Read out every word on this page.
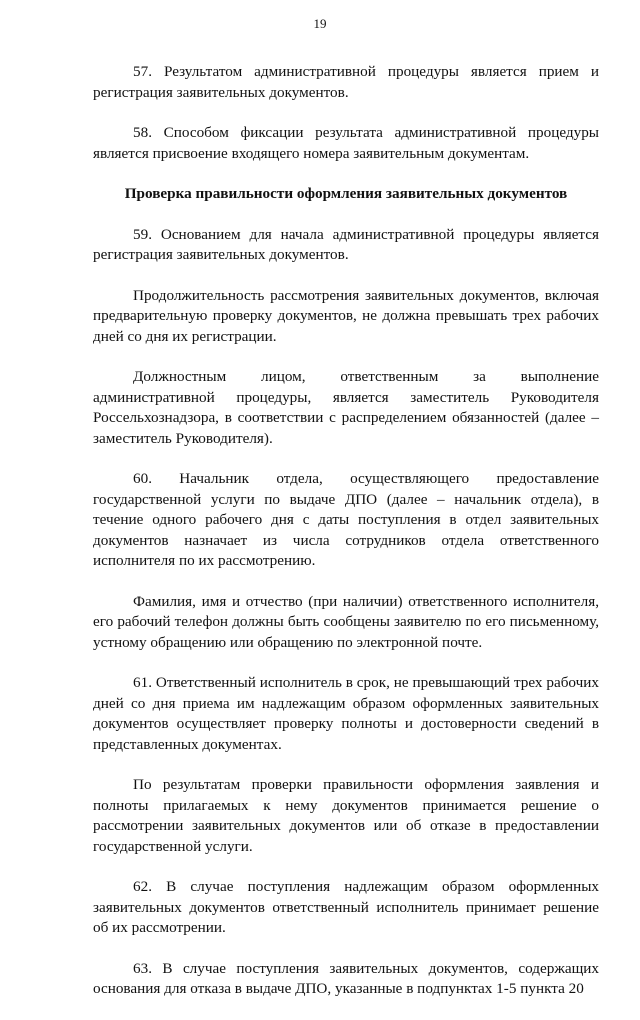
19

57. Результатом административной процедуры является прием и регистрация заявительных документов.

58. Способом фиксации результата административной процедуры является присвоение входящего номера заявительным документам.

Проверка правильности оформления заявительных документов

59. Основанием для начала административной процедуры является регистрация заявительных документов.

Продолжительность рассмотрения заявительных документов, включая предварительную проверку документов, не должна превышать трех рабочих дней со дня их регистрации.

Должностным лицом, ответственным за выполнение административной процедуры, является заместитель Руководителя Россельхознадзора, в соответствии с распределением обязанностей (далее – заместитель Руководителя).

60. Начальник отдела, осуществляющего предоставление государственной услуги по выдаче ДПО (далее – начальник отдела), в течение одного рабочего дня с даты поступления в отдел заявительных документов назначает из числа сотрудников отдела ответственного исполнителя по их рассмотрению.

Фамилия, имя и отчество (при наличии) ответственного исполнителя, его рабочий телефон должны быть сообщены заявителю по его письменному, устному обращению или обращению по электронной почте.

61. Ответственный исполнитель в срок, не превышающий трех рабочих дней со дня приема им надлежащим образом оформленных заявительных документов осуществляет проверку полноты и достоверности сведений в представленных документах.

По результатам проверки правильности оформления заявления и полноты прилагаемых к нему документов принимается решение о рассмотрении заявительных документов или об отказе в предоставлении государственной услуги.

62. В случае поступления надлежащим образом оформленных заявительных документов ответственный исполнитель принимает решение об их рассмотрении.

63. В случае поступления заявительных документов, содержащих основания для отказа в выдаче ДПО, указанные в подпунктах 1-5 пункта 20
